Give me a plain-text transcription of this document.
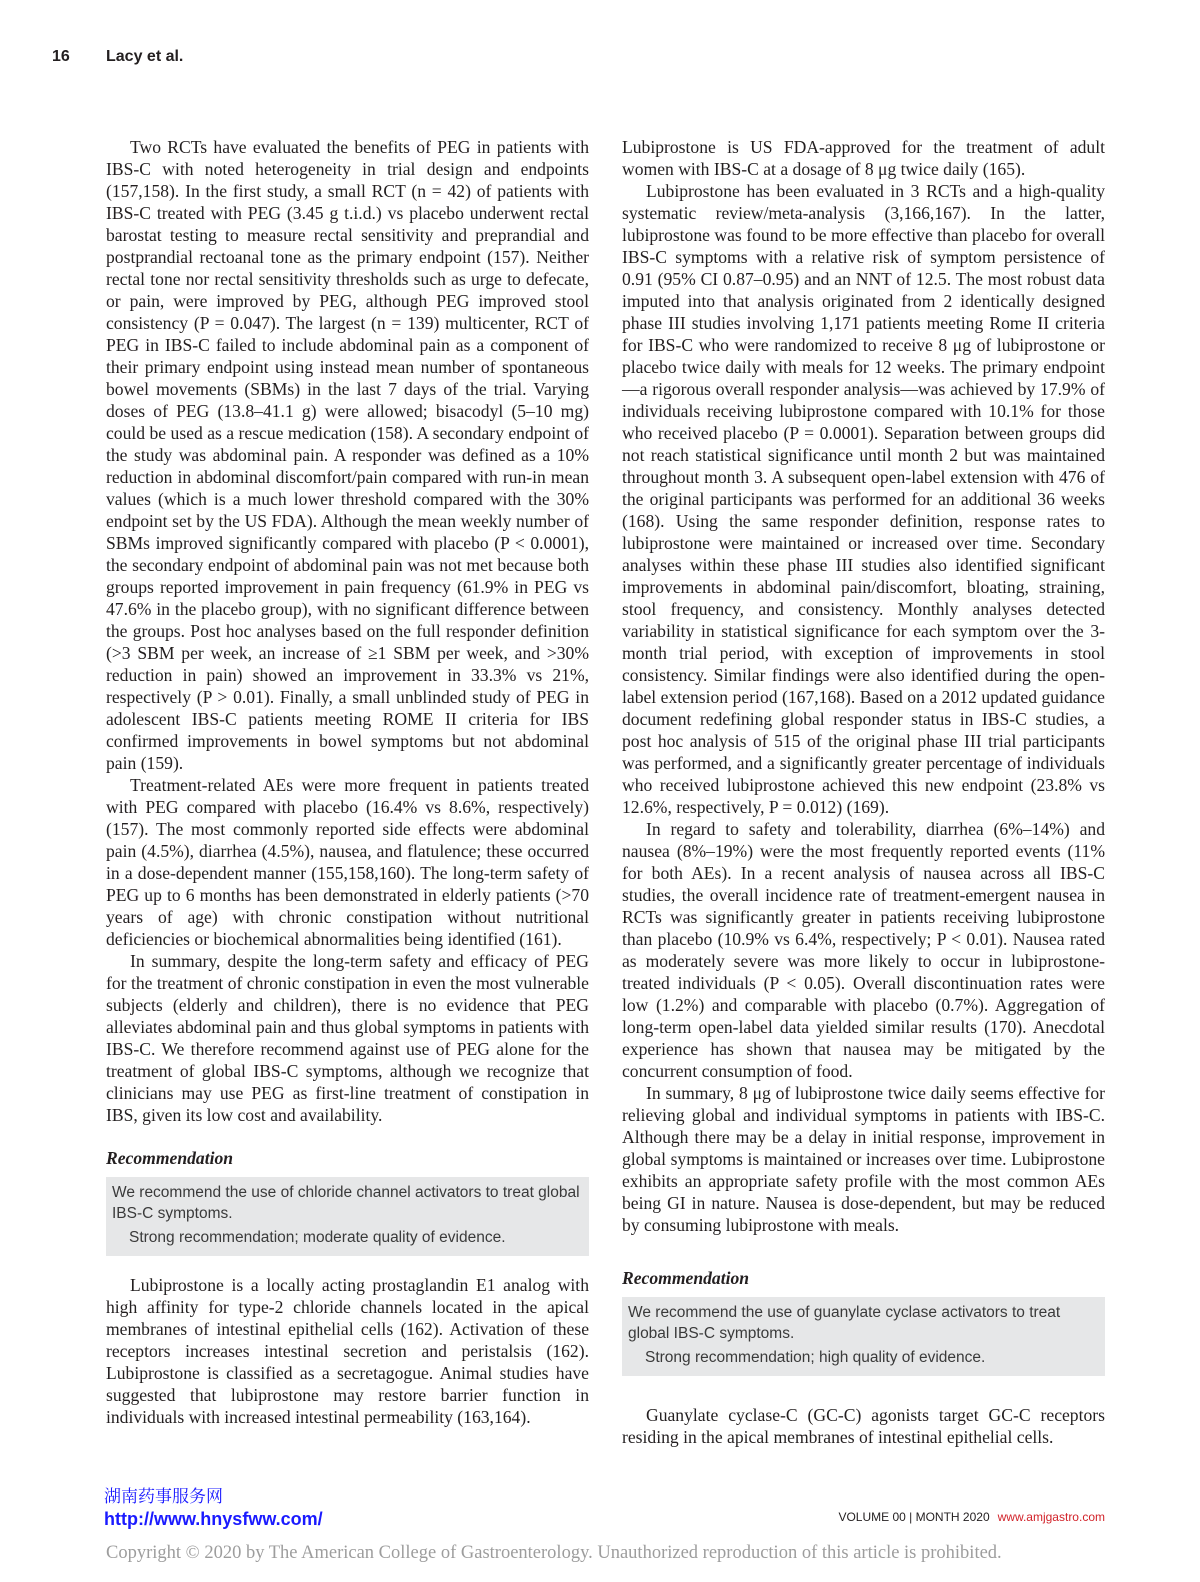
16 Lacy et al.

Two RCTs have evaluated the benefits of PEG in patients with IBS-C with noted heterogeneity in trial design and endpoints (157,158). In the first study, a small RCT (n = 42) of patients with IBS-C treated with PEG (3.45 g t.i.d.) vs placebo underwent rectal barostat testing to measure rectal sensitivity and preprandial and postprandial rectoanal tone as the primary endpoint (157). Neither rectal tone nor rectal sensitivity thresholds such as urge to defecate, or pain, were improved by PEG, although PEG improved stool consistency (P = 0.047). The largest (n = 139) multicenter, RCT of PEG in IBS-C failed to include abdominal pain as a component of their primary endpoint using instead mean number of spontaneous bowel movements (SBMs) in the last 7 days of the trial. Varying doses of PEG (13.8–41.1 g) were allowed; bisacodyl (5–10 mg) could be used as a rescue medication (158). A secondary endpoint of the study was abdominal pain. A responder was defined as a 10% reduction in abdominal discomfort/pain compared with run-in mean values (which is a much lower threshold compared with the 30% endpoint set by the US FDA). Although the mean weekly number of SBMs improved significantly compared with placebo (P < 0.0001), the secondary endpoint of abdominal pain was not met because both groups reported improvement in pain frequency (61.9% in PEG vs 47.6% in the placebo group), with no significant difference between the groups. Post hoc analyses based on the full responder definition (>3 SBM per week, an increase of ≥1 SBM per week, and >30% reduction in pain) showed an improvement in 33.3% vs 21%, respectively (P > 0.01). Finally, a small unblinded study of PEG in adolescent IBS-C patients meeting ROME II criteria for IBS confirmed improvements in bowel symptoms but not abdominal pain (159).

Treatment-related AEs were more frequent in patients treated with PEG compared with placebo (16.4% vs 8.6%, respectively) (157). The most commonly reported side effects were abdominal pain (4.5%), diarrhea (4.5%), nausea, and flatulence; these occurred in a dose-dependent manner (155,158,160). The long-term safety of PEG up to 6 months has been demonstrated in elderly patients (>70 years of age) with chronic constipation without nutritional deficiencies or biochemical abnormalities being identified (161).

In summary, despite the long-term safety and efficacy of PEG for the treatment of chronic constipation in even the most vulnerable subjects (elderly and children), there is no evidence that PEG alleviates abdominal pain and thus global symptoms in patients with IBS-C. We therefore recommend against use of PEG alone for the treatment of global IBS-C symptoms, although we recognize that clinicians may use PEG as first-line treatment of constipation in IBS, given its low cost and availability.

Recommendation
We recommend the use of chloride channel activators to treat global IBS-C symptoms.
Strong recommendation; moderate quality of evidence.

Lubiprostone is a locally acting prostaglandin E1 analog with high affinity for type-2 chloride channels located in the apical membranes of intestinal epithelial cells (162). Activation of these receptors increases intestinal secretion and peristalsis (162). Lubiprostone is classified as a secretagogue. Animal studies have suggested that lubiprostone may restore barrier function in individuals with increased intestinal permeability (163,164).

Lubiprostone is US FDA-approved for the treatment of adult women with IBS-C at a dosage of 8 μg twice daily (165).

Lubiprostone has been evaluated in 3 RCTs and a high-quality systematic review/meta-analysis (3,166,167). In the latter, lubiprostone was found to be more effective than placebo for overall IBS-C symptoms with a relative risk of symptom persistence of 0.91 (95% CI 0.87–0.95) and an NNT of 12.5. The most robust data imputed into that analysis originated from 2 identically designed phase III studies involving 1,171 patients meeting Rome II criteria for IBS-C who were randomized to receive 8 μg of lubiprostone or placebo twice daily with meals for 12 weeks. The primary endpoint—a rigorous overall responder analysis—was achieved by 17.9% of individuals receiving lubiprostone compared with 10.1% for those who received placebo (P = 0.0001). Separation between groups did not reach statistical significance until month 2 but was maintained throughout month 3. A subsequent open-label extension with 476 of the original participants was performed for an additional 36 weeks (168). Using the same responder definition, response rates to lubiprostone were maintained or increased over time. Secondary analyses within these phase III studies also identified significant improvements in abdominal pain/discomfort, bloating, straining, stool frequency, and consistency. Monthly analyses detected variability in statistical significance for each symptom over the 3-month trial period, with exception of improvements in stool consistency. Similar findings were also identified during the open-label extension period (167,168). Based on a 2012 updated guidance document redefining global responder status in IBS-C studies, a post hoc analysis of 515 of the original phase III trial participants was performed, and a significantly greater percentage of individuals who received lubiprostone achieved this new endpoint (23.8% vs 12.6%, respectively, P = 0.012) (169).

In regard to safety and tolerability, diarrhea (6%–14%) and nausea (8%–19%) were the most frequently reported events (11% for both AEs). In a recent analysis of nausea across all IBS-C studies, the overall incidence rate of treatment-emergent nausea in RCTs was significantly greater in patients receiving lubiprostone than placebo (10.9% vs 6.4%, respectively; P < 0.01). Nausea rated as moderately severe was more likely to occur in lubiprostone-treated individuals (P < 0.05). Overall discontinuation rates were low (1.2%) and comparable with placebo (0.7%). Aggregation of long-term open-label data yielded similar results (170). Anecdotal experience has shown that nausea may be mitigated by the concurrent consumption of food.

In summary, 8 μg of lubiprostone twice daily seems effective for relieving global and individual symptoms in patients with IBS-C. Although there may be a delay in initial response, improvement in global symptoms is maintained or increases over time. Lubiprostone exhibits an appropriate safety profile with the most common AEs being GI in nature. Nausea is dose-dependent, but may be reduced by consuming lubiprostone with meals.

Recommendation
We recommend the use of guanylate cyclase activators to treat global IBS-C symptoms.
Strong recommendation; high quality of evidence.

Guanylate cyclase-C (GC-C) agonists target GC-C receptors residing in the apical membranes of intestinal epithelial cells.

湖南药事服务网
http://www.hnysfww.com/	VOLUME 00 | MONTH 2020 www.amjgastro.com
Copyright © 2020 by The American College of Gastroenterology. Unauthorized reproduction of this article is prohibited.
